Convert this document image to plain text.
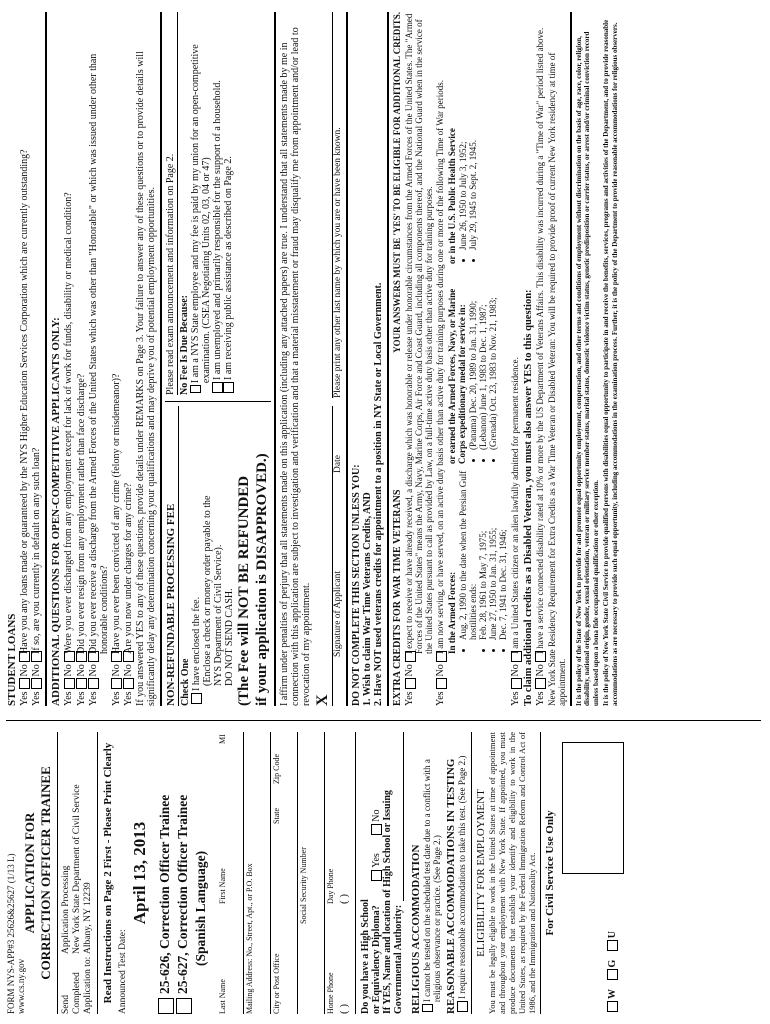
FORM NYS-APP#3 25626&25627 (1/13 L) www.cs.ny.gov
APPLICATION FOR CORRECTION OFFICER TRAINEE
Send Completed Application to:
Application Processing New York State Department of Civil Service Albany, NY 12239 Read Instructions on Page 2 First - Please Print Clearly Announced Test Date:
April 13, 2013 25-626, Correction Officer Trainee 25-627, Correction Officer Trainee (Spanish Language)
Last Name
First Name
MI
Mailing Address: No., Street, Apt., or P.O. Box City or Post Office
State
Zip Code
Social Security Number
Home Phone
Day Phone
( )
( )
Do you have a High School or Equivalency Diploma? Yes No If YES, Name and location of High School or Issuing Governmental Authority: RELIGIOUS ACCOMMODATION I cannot be tested on the scheduled test date due to a conflict with a religious observance or practice. (See Page 2.) REASONABLE ACCOMMODATIONS IN TESTING I require reasonable accommodations to take this test. (See Page 2.) ELIGIBILITY FOR EMPLOYMENT You must be legally eligible to work in the United States at time of appointment and throughout your employment with New York State. If appointed, you must produce documents that establish your identify and eligibility to work in the United States, as required by the Federal Immigration Reform and Control Act of 1986, and the Immigration and Nationality Act. For Civil Service Use Only
W G U
STUDENT LOANS YesNo
Have you any loans made or guaranteed by the NYS Higher Education Services Corporation which are currently outstanding?
YesNo
If so, are you currently in default on any such loan? ADDITIONAL QUESTIONS FOR OPEN-COMPETITIVE APPLICANTS ONLY: YesNo
Were you ever discharged from any employment except for lack of work for funds, disability or medical condition?
YesNo
Did you ever resign from any employment rather than face discharge?
YesNo
Did you ever receive a discharge from the Armed Forces of the United States which was other than "Honorable" or which was issued under other than honorable conditions?
YesNo
Have you ever been convicted of any crime (felony or misdemeanor)?
YesNo
Are you now under charges for any crime? If you answered YES to any of these questions, provide details under REMARKS on Page 3. Your failure to answer any of these questions or to provide details will significantly delay any determination concerning your qualifications and may deprive you of potential employment opportunities. NON-REFUNDABLE PROCESSING FEE Check One I have enclosed the fee. (Enclose a check or money order payable to the NYS Department of Civil Service). DO NOT SEND CASH. (The Fee will NOT BE REFUNDED if your application is DISAPPROVED.)
Please read exam announcement and information on Page 2. No Fee Is Due Because: I am a NYS State employee and my fee is paid by my union for an open-competitive examination. (CSEA Negotiating Units 02, 03, 04 or 47) I am unemployed and primarily responsible for the support of a household. I am receiving public assistance as described on Page 2.	I affirm under penalties of perjury that all statements made on this application (including any attached papers) are true. I understand that all statements made by me in connection with this application are subject to investigation and verification and that a material misstatement or fraud may disqualify me from appointment and/or lead to revocation of my appointment. X
Signature of Applicant
Date
Please print any other last name by which you are or have been known.
DO NOT COMPLETE THIS SECTION UNLESS YOU: 1. Wish to claim War Time Veterans Credits, AND 2. Have NOT used veterans credits for appointment to a position in NY State or Local Government. EXTRA CREDITS FOR WAR TIME VETERANS
YOUR ANSWERS MUST BE 'YES' TO BE ELIGIBLE FOR ADDITIONAL CREDITS.
YesNo
I expect to receive or have already received, a discharge which was honorable or release under honorable circumstances from the Armed Forces of the United States. The "Armed Forces of the United States" means the Army, Navy, Marine Corps, Air Force and Coast Guard, including all components thereof, and the National Guard when in the service of the United States pursuant to call as provided by Law, on a full-time active duty basis other than active duty for training purposes.
YesNo
I am now serving, or have served, on an active duty basis other than active duty for training purposes during one or more of the following Time of War periods. In the Armed Forces: • Aug. 2, 1990 to the date when the Persian Gulf hostilities ends: • Feb. 28, 1961 to May 7, 1975; • June 27, 1950 to Jan. 31, 1955; • Dec. 7, 1941 to Dec. 31, 1946;
or earned the Armed Forces, Navy, or Marine Corps expeditionary medal for service in: • (Panama) Dec. 20, 1989 to Jan. 31, 1990; • (Lebanon) June 1, 1983 to Dec. 1, 1987; • (Grenada) Oct. 23, 1983 to Nov. 21, 1983;
or in the U.S. Public Health Service • June 26, 1950 to July 3, 1952; • July 29, 1945 to Sept. 2, 1945.
YesNo
I am a United States citizen or an alien lawfully admitted for permanent residence. To claim additional credits as a Disabled Veteran, you must also answer YES to this question: YesNo
I have a service connected disability rated at 10% or more by the US Department of Veterans Affairs. This disability was incurred during a "Time of War" period listed above. New York State Residency Requirement for Extra Credits as a War Time Veteran or Disabled Veteran: You will be required to provide proof of current New York residency at time of appointment. It is the policy of the State of New York to provide for and promote equal opportunity employment, compensation, and other terms and conditions of employment without discrimination on the basis of age, race, color, religion, disability, national origin, gender, sexual orientation, veteran or military service member status, marital status, domestic violence victim status, genetic predisposition or carrier status, or arrest and/or criminal conviction record unless based upon a bona fide occupational qualification or other exception. It is the policy of New York State Civil Service to provide qualified persons with disabilities equal opportunity to participate in and receive the benefits, services, programs and activities of the Department, and to provide reasonable accommodations as are necessary to provide such equal opportunity, including accommodations in the examination process. Further, it is the policy of the Department to provide reasonable accommodations for religious observers.
